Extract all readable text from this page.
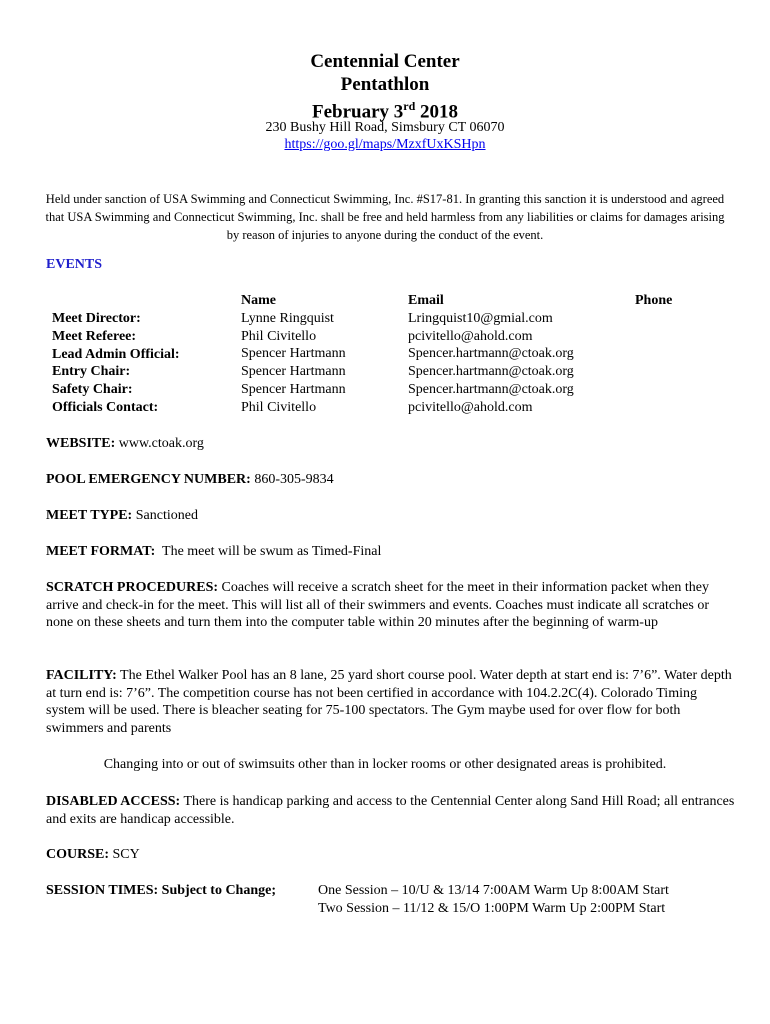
Centennial Center
Pentathlon
February 3rd 2018
230 Bushy Hill Road, Simsbury CT 06070
https://goo.gl/maps/MzxfUxKSHpn
Held under sanction of USA Swimming and Connecticut Swimming, Inc. #S17-81. In granting this sanction it is understood and agreed that USA Swimming and Connecticut Swimming, Inc. shall be free and held harmless from any liabilities or claims for damages arising by reason of injuries to anyone during the conduct of the event.
EVENTS
Meet Director:
Meet Referee:
Lead Admin Official:
Entry Chair:
Safety Chair:
Officials Contact:
Name
Lynne Ringquist
Phil Civitello
Spencer Hartmann
Spencer Hartmann
Spencer Hartmann
Phil Civitello
Email
Lringquist10@gmial.com
pcivitello@ahold.com
Spencer.hartmann@ctoak.org
Spencer.hartmann@ctoak.org
Spencer.hartmann@ctoak.org
pcivitello@ahold.com
Phone
WEBSITE: www.ctoak.org
POOL EMERGENCY NUMBER: 860-305-9834
MEET TYPE: Sanctioned
MEET FORMAT: The meet will be swum as Timed-Final
SCRATCH PROCEDURES: Coaches will receive a scratch sheet for the meet in their information packet when they arrive and check-in for the meet. This will list all of their swimmers and events. Coaches must indicate all scratches or none on these sheets and turn them into the computer table within 20 minutes after the beginning of warm-up
FACILITY: The Ethel Walker Pool has an 8 lane, 25 yard short course pool. Water depth at start end is: 7’6”. Water depth at turn end is: 7’6”. The competition course has not been certified in accordance with 104.2.2C(4). Colorado Timing system will be used. There is bleacher seating for 75-100 spectators. The Gym maybe used for over flow for both swimmers and parents
Changing into or out of swimsuits other than in locker rooms or other designated areas is prohibited.
DISABLED ACCESS: There is handicap parking and access to the Centennial Center along Sand Hill Road; all entrances and exits are handicap accessible.
COURSE: SCY
SESSION TIMES: Subject to Change;	One Session – 10/U & 13/14 7:00AM Warm Up 8:00AM Start
Two Session – 11/12 & 15/O 1:00PM Warm Up 2:00PM Start
